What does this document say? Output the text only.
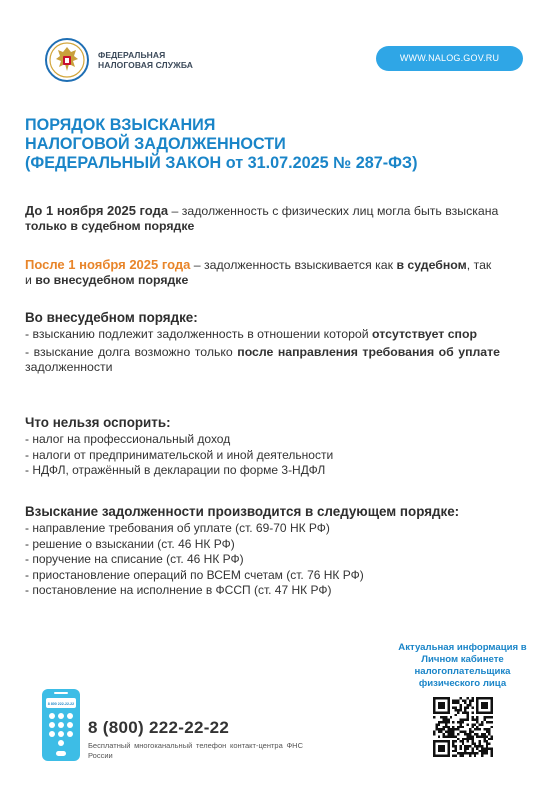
ФЕДЕРАЛЬНАЯ
НАЛОГОВАЯ СЛУЖБА
WWW.NALOG.GOV.RU
ПОРЯДОК ВЗЫСКАНИЯ
НАЛОГОВОЙ ЗАДОЛЖЕННОСТИ
(ФЕДЕРАЛЬНЫЙ ЗАКОН от 31.07.2025 № 287-ФЗ)
До 1 ноября 2025 года – задолженность с физических лиц могла быть взыскана только в судебном порядке
После 1 ноября 2025 года – задолженность взыскивается как в судебном, так и во внесудебном порядке
Во внесудебном порядке:
- взысканию подлежит задолженность в отношении которой отсутствует спор
- взыскание долга возможно только после направления требования об уплате задолженности
Что нельзя оспорить:
- налог на профессиональный доход
- налоги от предпринимательской и иной деятельности
- НДФЛ, отражённый в декларации по форме 3-НДФЛ
Взыскание задолженности производится в следующем порядке:
- направление требования об уплате (ст. 69-70 НК РФ)
- решение о взыскании (ст. 46 НК РФ)
- поручение на списание (ст. 46 НК РФ)
- приостановление операций по ВСЕМ счетам (ст. 76 НК РФ)
- постановление на исполнение в ФССП (ст. 47 НК РФ)
Актуальная информация в
Личном кабинете
налогоплательщика
физического лица
8 800 222-22-22
8 (800) 222-22-22
Бесплатный многоканальный телефон контакт-центра ФНС России
